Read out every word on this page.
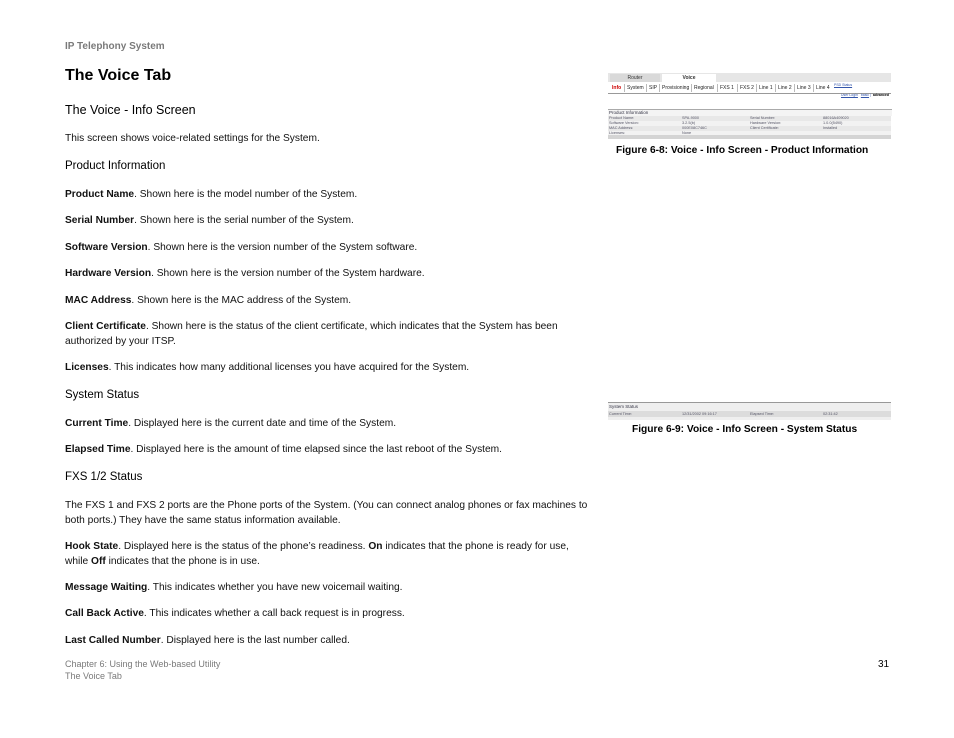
IP Telephony System
The Voice Tab
The Voice - Info Screen
This screen shows voice-related settings for the System.
Product Information
Product Name. Shown here is the model number of the System.
Serial Number. Shown here is the serial number of the System.
Software Version. Shown here is the version number of the System software.
Hardware Version. Shown here is the version number of the System hardware.
MAC Address. Shown here is the MAC address of the System.
Client Certificate. Shown here is the status of the client certificate, which indicates that the System has been authorized by your ITSP.
Licenses. This indicates how many additional licenses you have acquired for the System.
System Status
Current Time. Displayed here is the current date and time of the System.
Elapsed Time. Displayed here is the amount of time elapsed since the last reboot of the System.
FXS 1/2 Status
The FXS 1 and FXS 2 ports are the Phone ports of the System. (You can connect analog phones or fax machines to both ports.) They have the same status information available.
Hook State. Displayed here is the status of the phone’s readiness. On indicates that the phone is ready for use, while Off indicates that the phone is in use.
Message Waiting. This indicates whether you have new voicemail waiting.
Call Back Active. This indicates whether a call back request is in progress.
Last Called Number. Displayed here is the last number called.
Router	Voice
Info	System	SIP Provisioning Regional	FXS 1	FXS 2	Line 1	Line 2	Line 3	Line 4	PSD Status
User Login basic |  advanced
Product Information
Product Name:	SPA-9000	Serial Number:	88016A409020
Software Version:	3.2.5(b)	Hardware Version:	1.0.0(5490)
MAC Address:	000E08C746C	Client Certificate:	Installed
Licenses:	None
Figure 6-8: Voice - Info Screen - Product Information
System Status
Current Time:	12/31/2002 09:16:17	Elapsed Time:	02:31:42
Figure 6-9: Voice - Info Screen - System Status
Chapter 6: Using the Web-based Utility
The Voice Tab
31
